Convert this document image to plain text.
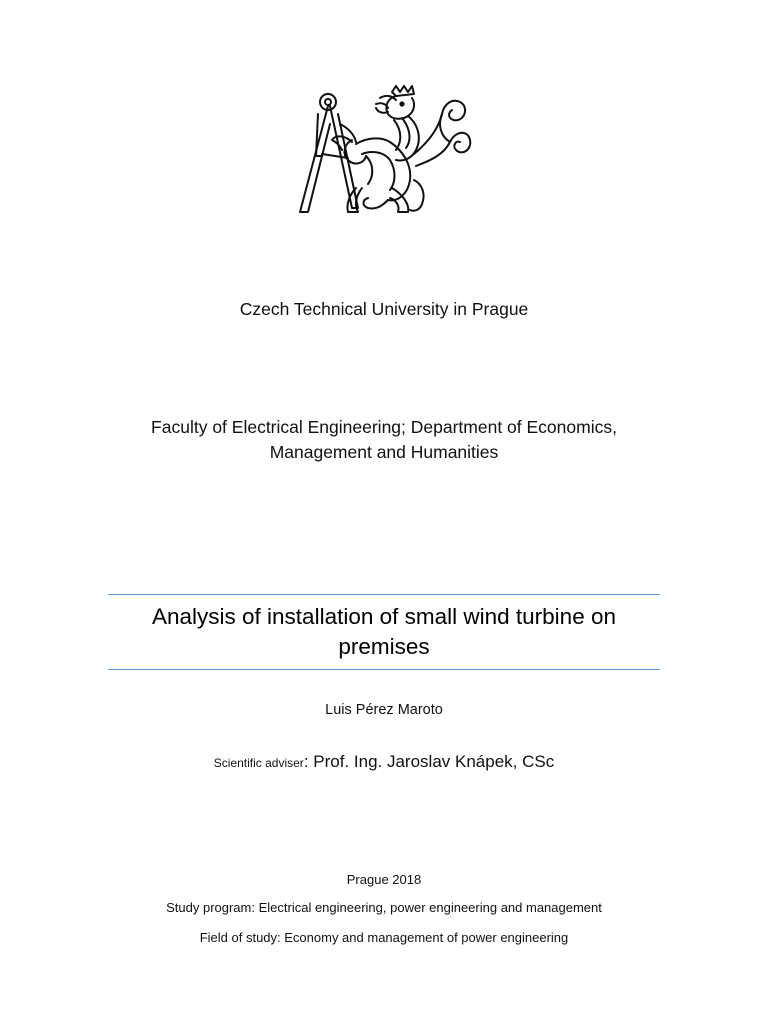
Czech Technical University in Prague

Faculty of Electrical Engineering; Department of Economics,
Management and Humanities
Analysis of installation of small wind turbine on
premises

Luis Pérez Maroto

Scientific adviser: Prof. Ing. Jaroslav Knápek, CSc

Prague 2018

Study program: Electrical engineering, power engineering and management

Field of study: Economy and management of power engineering
